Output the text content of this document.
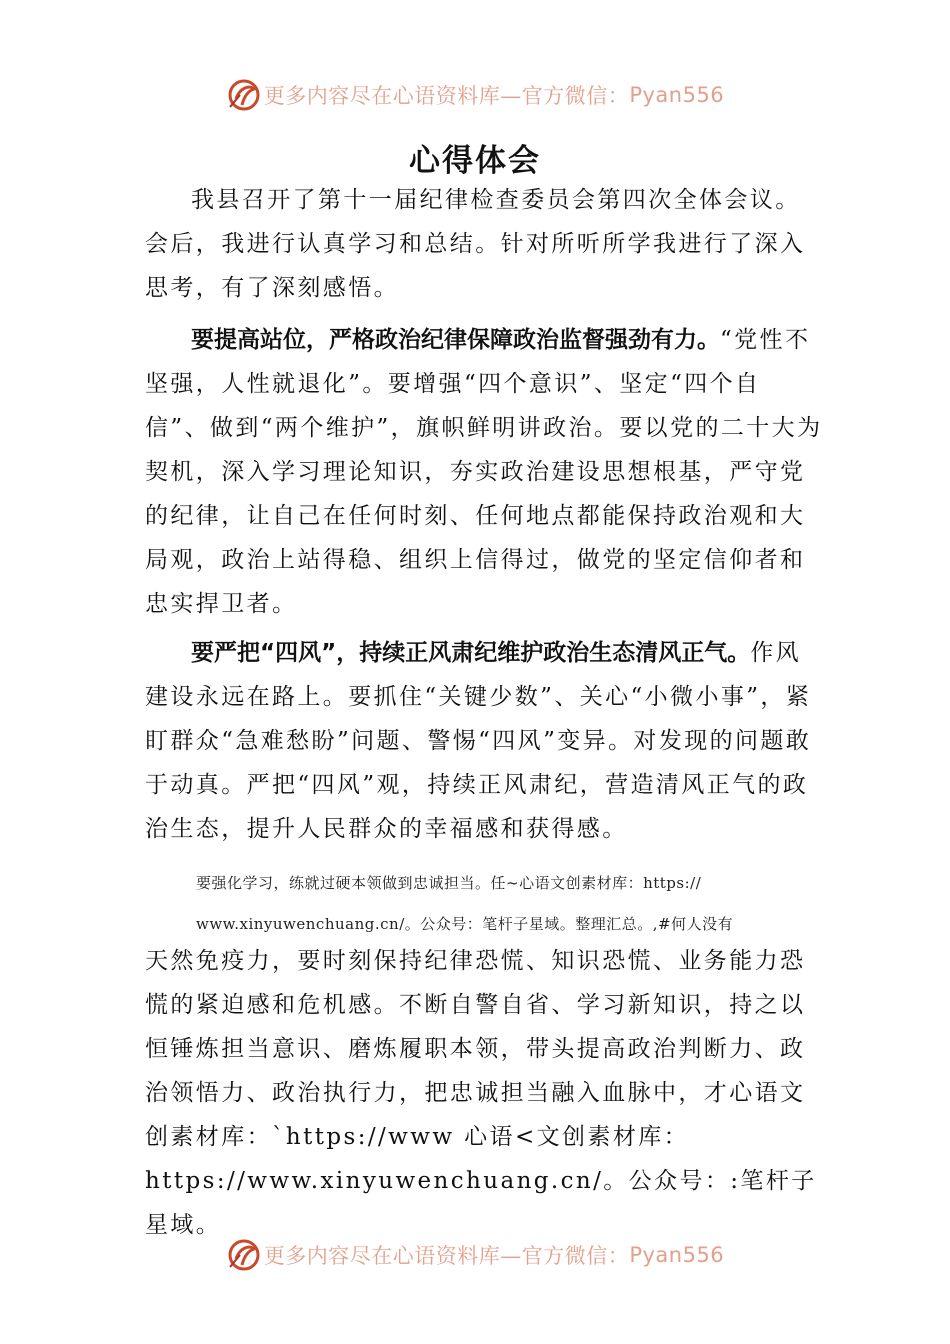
更多内容尽在心语资料库—官方微信： Pyan556
心得体会

我县召开了第十一届纪律检查委员会第四次全体会议。会后，我进行认真学习和总结。针对所听所学我进行了深入思考，有了深刻感悟。

要提高站位，严格政治纪律保障政治监督强劲有力。“党性不坚强，人性就退化”。要增强“四个意识”、坚定“四个自信”、做到“两个维护”，旗帜鲜明讲政治。要以党的二十大为契机，深入学习理论知识，夯实政治建设思想根基，严守党的纪律，让自己在任何时刻、任何地点都能保持政治观和大局观，政治上站得稳、组织上信得过，做党的坚定信仰者和忠实捍卫者。

要严把“四风”，持续正风肃纪维护政治生态清风正气。作风建设永远在路上。要抓住“关键少数”、关心“小微小事”，紧盯群众“急难愁盼”问题、警惕“四风”变异。对发现的问题敢于动真。严把“四风”观，持续正风肃纪，营造清风正气的政治生态，提升人民群众的幸福感和获得感。

要强化学习，练就过硬本领做到忠诚担当。任~心语文创素材库：https://
www.xinyuwenchuang.cn/。公众号：笔杆子星域。整理汇总。,#何人没有

天然免疫力，要时刻保持纪律恐慌、知识恐慌、业务能力恐慌的紧迫感和危机感。不断自警自省、学习新知识，持之以恒锤炼担当意识、磨炼履职本领，带头提高政治判断力、政治领悟力、政治执行力，把忠诚担当融入血脉中，才心语文创素材库：`https://www 心语<文创素材库：https://www.xinyuwenchuang.cn/。公众号：:笔杆子星域。

更多内容尽在心语资料库—官方微信： Pyan556
